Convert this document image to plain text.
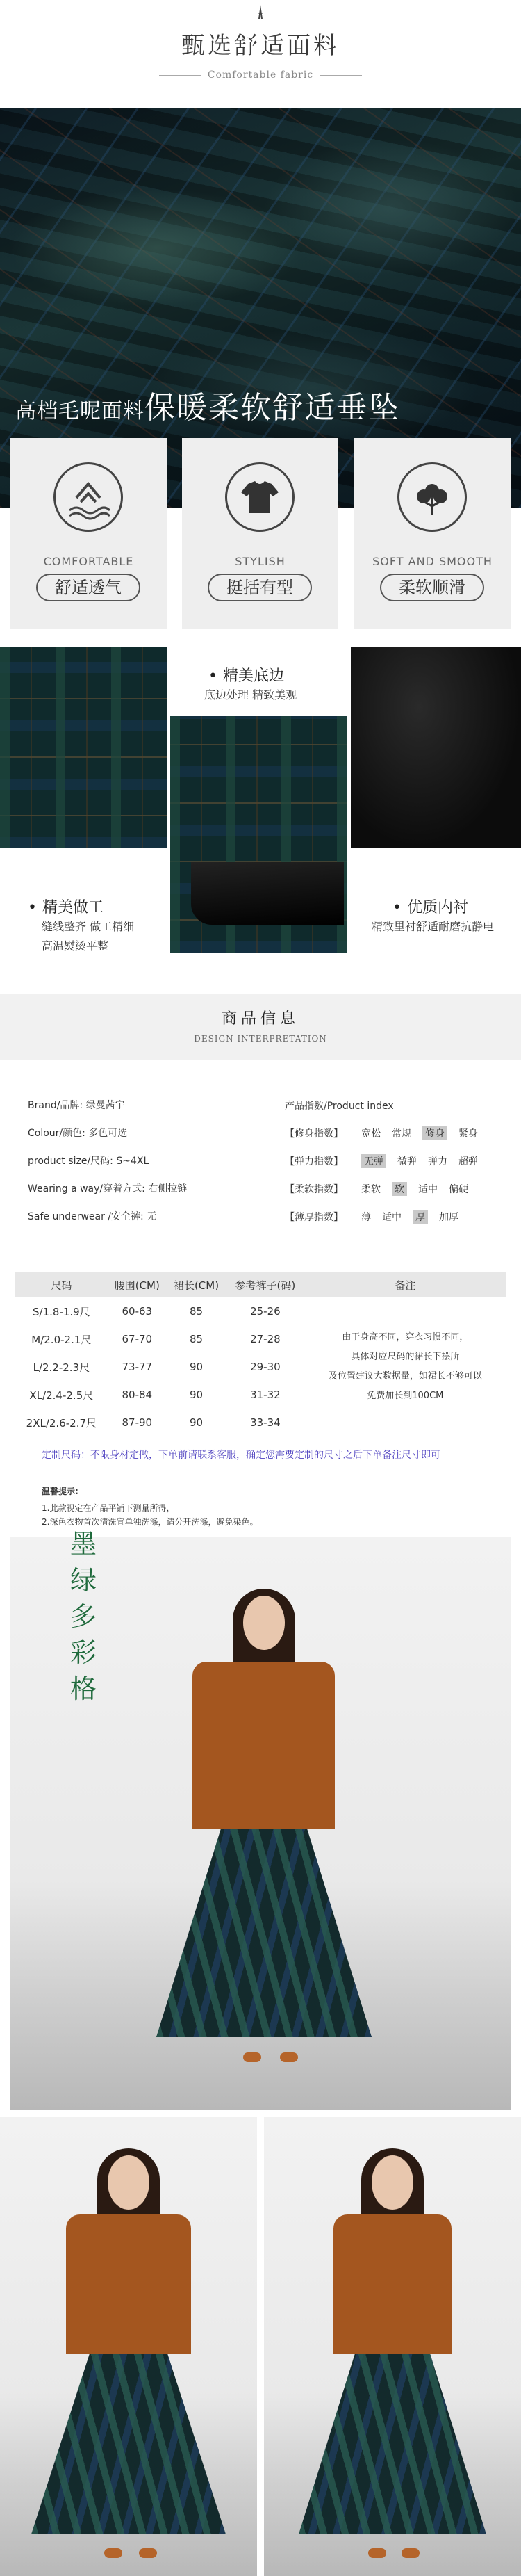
甄选舒适面料
Comfortable fabric
高档毛呢面料保暖柔软舒适垂坠
COMFORTABLE
舒适透气
STYLISH
挺括有型
SOFT AND SMOOTH
柔软顺滑
• 精美底边
底边处理 精致美观
• 精美做工
缝线整齐 做工精细
高温熨烫平整
• 优质内衬
精致里衬舒适耐磨抗静电
商品信息
DESIGN INTERPRETATION
Brand/品牌: 绿曼茜宇
Colour/颜色: 多色可选
product size/尺码: S~4XL
Wearing a way/穿着方式: 右侧拉链
Safe underwear /安全裤: 无
产品指数/Product index
【修身指数】	宽松 常规 修身 紧身
【弹力指数】	无弹 微弹 弹力 超弹
【柔软指数】	柔软 软 适中 偏硬
【薄厚指数】	薄 适中 厚 加厚
尺码	腰围(CM)	裙长(CM)	参考裤子(码)	备注
S/1.8-1.9尺	60-63	85	25-26	由于身高不同，穿衣习惯不同，
具体对应尺码的裙长下摆所
及位置建议大数据量，如裙长不够可以
免费加长到100CM

M/2.0-2.1尺	67-70	85	27-28	
L/2.2-2.3尺	73-77	90	29-30	
XL/2.4-2.5尺	80-84	90	31-32	
2XL/2.6-2.7尺	87-90	90	33-34	
定制尺码：不限身材定做，下单前请联系客服，确定您需要定制的尺寸之后下单备注尺寸即可
温馨提示:
1.此款视定在产品平铺下测量所得，
2.深色衣物首次清洗宜单独洗涤，请分开洗涤，避免染色。
墨绿多彩格
